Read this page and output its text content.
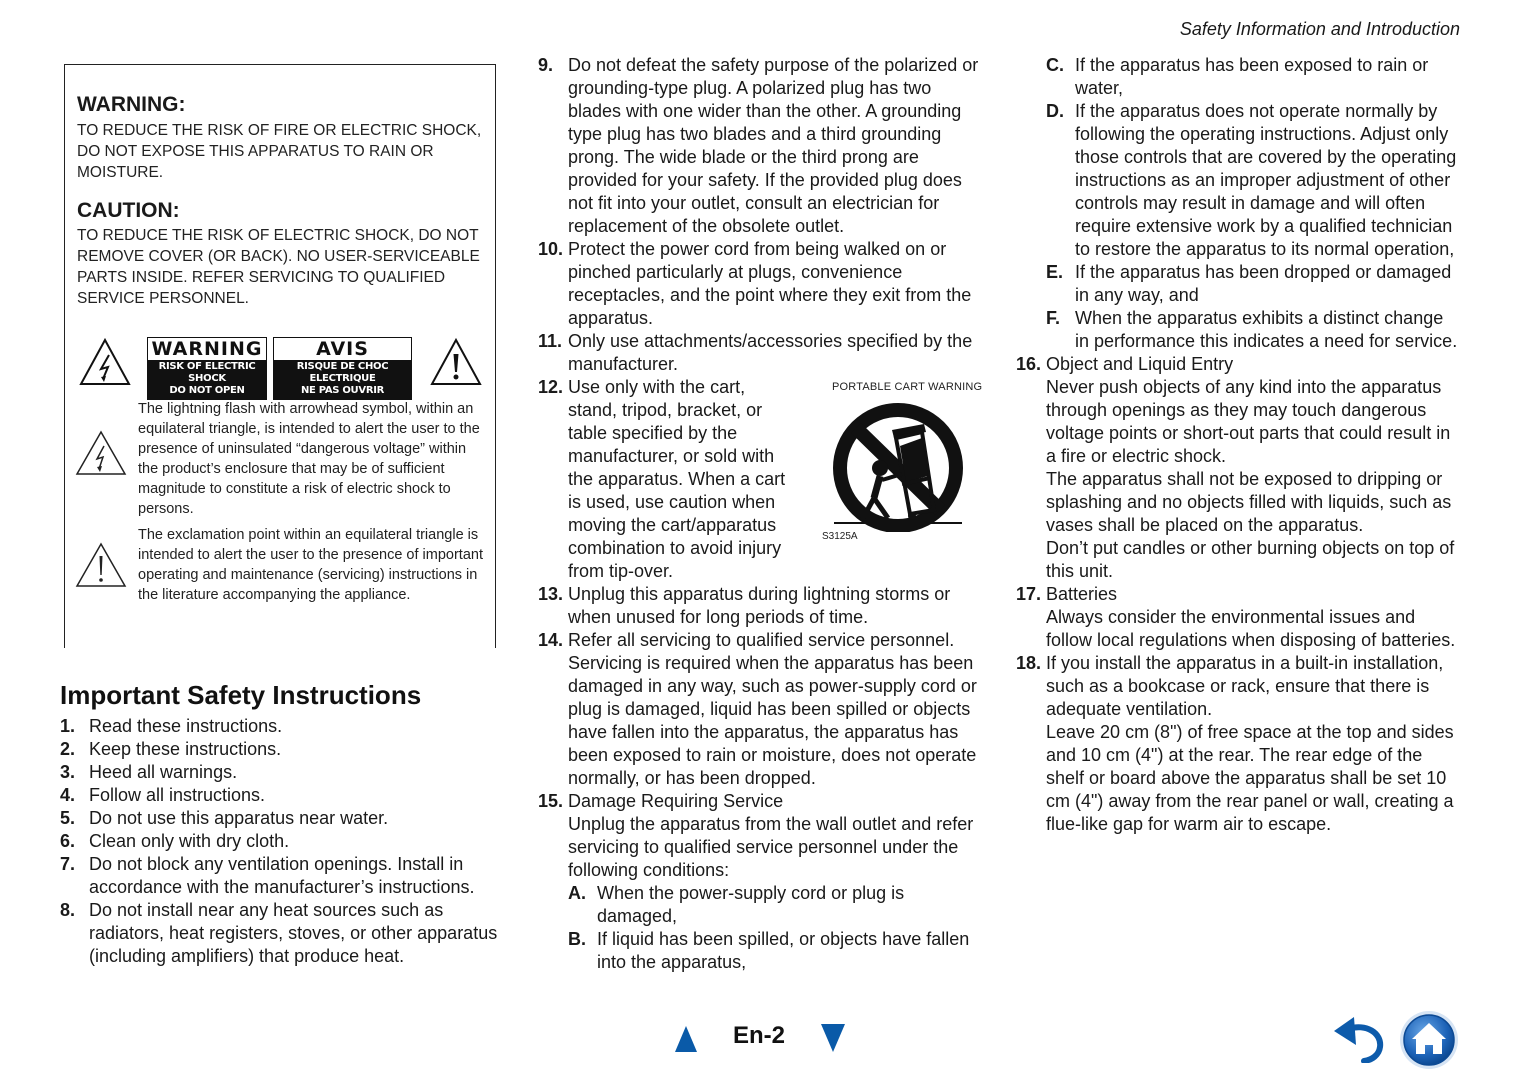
Safety Information and Introduction
WARNING:

TO REDUCE THE RISK OF FIRE OR ELECTRIC SHOCK, DO NOT EXPOSE THIS APPARATUS TO RAIN OR MOISTURE.

CAUTION:

TO REDUCE THE RISK OF ELECTRIC SHOCK, DO NOT REMOVE COVER (OR BACK). NO USER-SERVICEABLE PARTS INSIDE. REFER SERVICING TO QUALIFIED SERVICE PERSONNEL.

WARNING
RISK OF ELECTRIC SHOCK
DO NOT OPEN
AVIS
RISQUE DE CHOC ELECTRIQUE
NE PAS OUVRIR

The lightning flash with arrowhead symbol, within an equilateral triangle, is intended to alert the user to the presence of uninsulated “dangerous voltage” within the product’s enclosure that may be of sufficient magnitude to constitute a risk of electric shock to persons.

The exclamation point within an equilateral triangle is intended to alert the user to the presence of important operating and maintenance (servicing) instructions in the literature accompanying the appliance.

Important Safety Instructions
1. Read these instructions.
2. Keep these instructions.
3. Heed all warnings.
4. Follow all instructions.
5. Do not use this apparatus near water.
6. Clean only with dry cloth.
7. Do not block any ventilation openings. Install in accordance with the manufacturer’s instructions.
8. Do not install near any heat sources such as radiators, heat registers, stoves, or other apparatus (including amplifiers) that produce heat.
9. Do not defeat the safety purpose of the polarized or grounding-type plug. A polarized plug has two blades with one wider than the other. A grounding type plug has two blades and a third grounding prong. The wide blade or the third prong are provided for your safety. If the provided plug does not fit into your outlet, consult an electrician for replacement of the obsolete outlet.
10. Protect the power cord from being walked on or pinched particularly at plugs, convenience receptacles, and the point where they exit from the apparatus.
11. Only use attachments/accessories specified by the manufacturer.
12. Use only with the cart, stand, tripod, bracket, or table specified by the manufacturer, or sold with the apparatus. When a cart is used, use caution when moving the cart/apparatus combination to avoid injury from tip-over.
13. Unplug this apparatus during lightning storms or when unused for long periods of time.
14. Refer all servicing to qualified service personnel. Servicing is required when the apparatus has been damaged in any way, such as power-supply cord or plug is damaged, liquid has been spilled or objects have fallen into the apparatus, the apparatus has been exposed to rain or moisture, does not operate normally, or has been dropped.
15. Damage Requiring Service
Unplug the apparatus from the wall outlet and refer servicing to qualified service personnel under the following conditions:
A. When the power-supply cord or plug is damaged,
B. If liquid has been spilled, or objects have fallen into the apparatus,
PORTABLE CART WARNING
S3125A
C. If the apparatus has been exposed to rain or water,
D. If the apparatus does not operate normally by following the operating instructions. Adjust only those controls that are covered by the operating instructions as an improper adjustment of other controls may result in damage and will often require extensive work by a qualified technician to restore the apparatus to its normal operation,
E. If the apparatus has been dropped or damaged in any way, and
F. When the apparatus exhibits a distinct change in performance this indicates a need for service.
16. Object and Liquid Entry
Never push objects of any kind into the apparatus through openings as they may touch dangerous voltage points or short-out parts that could result in a fire or electric shock.
The apparatus shall not be exposed to dripping or splashing and no objects filled with liquids, such as vases shall be placed on the apparatus.
Don’t put candles or other burning objects on top of this unit.
17. Batteries
Always consider the environmental issues and follow local regulations when disposing of batteries.
18. If you install the apparatus in a built-in installation, such as a bookcase or rack, ensure that there is adequate ventilation.
Leave 20 cm (8") of free space at the top and sides and 10 cm (4") at the rear. The rear edge of the shelf or board above the apparatus shall be set 10 cm (4") away from the rear panel or wall, creating a flue-like gap for warm air to escape.
En-2
